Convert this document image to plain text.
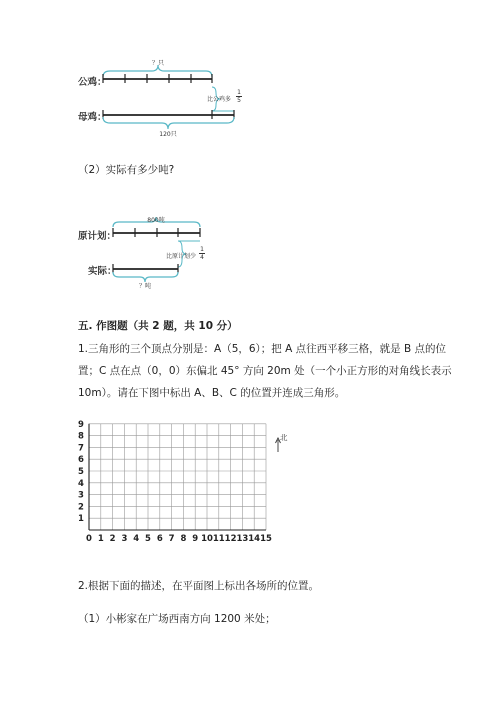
？只
120只
公鸡：
母鸡：
比公鸡多
1
5
（2）实际有多少吨?
800吨
？吨
原计划：
实际：
比原计划少
1
4
五. 作图题（共 2 题，共 10 分）
1.三角形的三个顶点分别是：A（5，6）；把 A 点往西平移三格，就是 B 点的位
置；C 点在点（0，0）东偏北 45° 方向 20m 处（一个小正方形的对角线长表示
10m）。请在下图中标出 A、B、C 的位置并连成三角形。
0 1 2 3 4 5 6 7 8 9 10 11 12 13 14 15
1
2
3
4
5
6
7
8
9
北
2.根据下面的描述，在平面图上标出各场所的位置。
（1）小彬家在广场西南方向 1200 米处；
